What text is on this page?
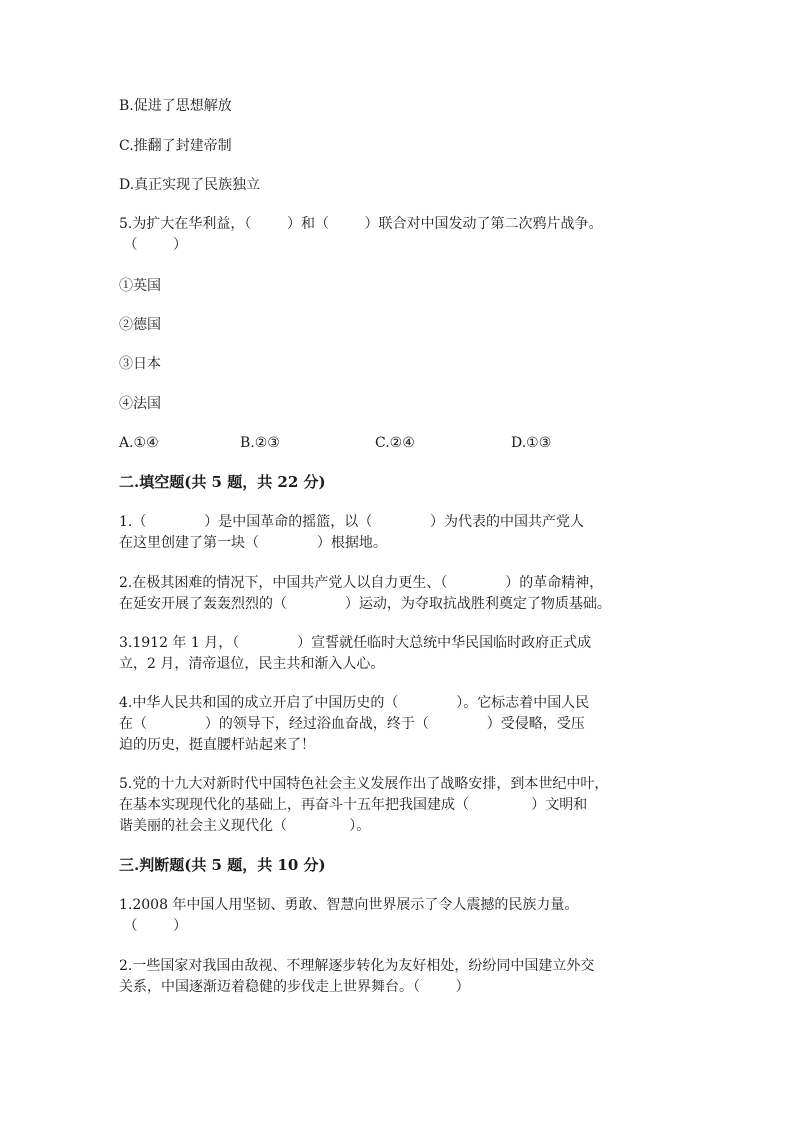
B.促进了思想解放
C.推翻了封建帝制
D.真正实现了民族独立
5.为扩大在华利益，（        ）和（        ）联合对中国发动了第二次鸦片战争。
（        ）
①英国
②德国
③日本
④法国
A.①④	B.②③	C.②④	D.①③
二.填空题(共 5 题，共 22 分)
1.（             ）是中国革命的摇篮，以（             ）为代表的中国共产党人
在这里创建了第一块（             ）根据地。
2.在极其困难的情况下，中国共产党人以自力更生、（             ）的革命精神，
在延安开展了轰轰烈烈的（             ）运动，为夺取抗战胜利奠定了物质基础。
3.1912 年 1 月，（             ）宣誓就任临时大总统中华民国临时政府正式成
立，2 月，清帝退位，民主共和渐入人心。
4.中华人民共和国的成立开启了中国历史的（             ）。它标志着中国人民
在（             ）的领导下，经过浴血奋战，终于（             ）受侵略，受压
迫的历史，挺直腰杆站起来了！
5.党的十九大对新时代中国特色社会主义发展作出了战略安排，到本世纪中叶，
在基本实现现代化的基础上，再奋斗十五年把我国建成（              ）文明和
谐美丽的社会主义现代化（              ）。
三.判断题(共 5 题，共 10 分)
1.2008 年中国人用坚韧、勇敢、智慧向世界展示了令人震撼的民族力量。
（        ）
2.一些国家对我国由敌视、不理解逐步转化为友好相处，纷纷同中国建立外交
关系，中国逐渐迈着稳健的步伐走上世界舞台。（        ）
